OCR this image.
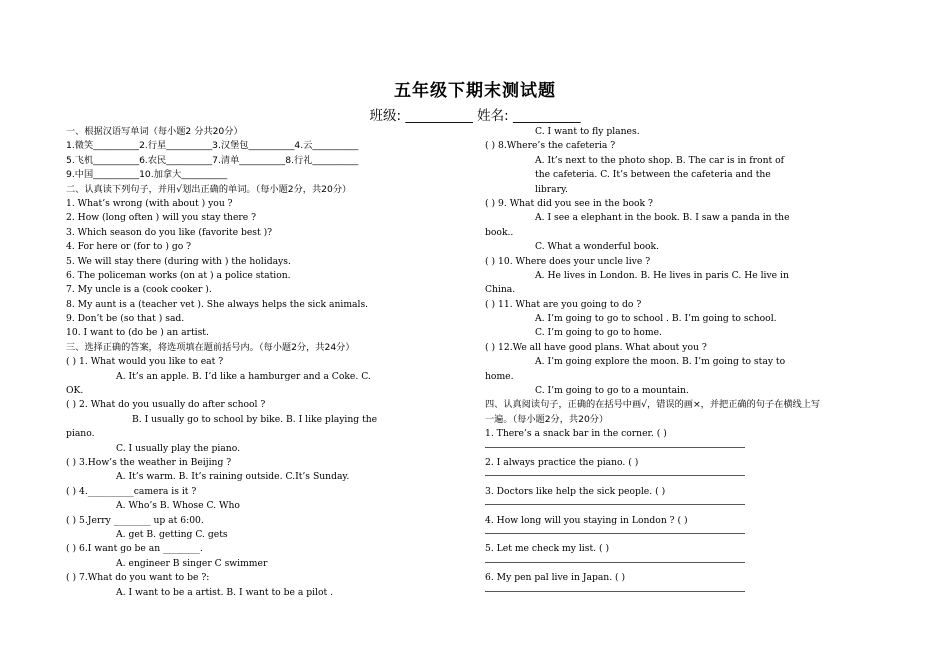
五年级下期末测试题
班级: __________ 姓名: __________
一、根据汉语写单词（每小题2 分共20分）
1.微笑__________2.行星__________3.汉堡包__________4.云__________
5.飞机__________6.农民__________7.清单__________8.行礼__________
9.中国__________10.加拿大__________
二、认真读下列句子，并用√划出正确的单词。（每小题2分，共20分）
1. What’s wrong (with about ) you ?
2. How (long often ) will you stay there ?
3. Which season do you like (favorite best )?
4. For here or (for to ) go ?
5. We will stay there (during with ) the holidays.
6. The policeman works (on at ) a police station.
7. My uncle is a (cook cooker ).
8. My aunt is a (teacher vet ). She always helps the sick animals.
9. Don’t be (so that ) sad.
10. I want to (do be ) an artist.
三、选择正确的答案，将选项填在题前括号内。（每小题2分，共24分）
( ) 1. What would you like to eat ?
A. It’s an apple. B. I’d like a hamburger and a Coke. C.
OK.
( ) 2. What do you usually do after school ?
B. I usually go to school by bike. B. I like playing the
piano.
C. I usually play the piano.
( ) 3.How’s the weather in Beijing ?
A. It’s warm. B. It’s raining outside. C.It’s Sunday.
( ) 4.__________camera is it ?
A. Who’s B. Whose C. Who
( ) 5.Jerry ________ up at 6:00.
A. get B. getting C. gets
( ) 6.I want go be an ________.
A. engineer B singer C swimmer
( ) 7.What do you want to be ?:
A. I want to be a artist. B. I want to be a pilot .
C. I want to fly planes.
( ) 8.Where’s the cafeteria ?
A. It’s next to the photo shop. B. The car is in front of
the cafeteria. C. It’s between the cafeteria and the
library.
( ) 9. What did you see in the book ?
A. I see a elephant in the book. B. I saw a panda in the
book..
C. What a wonderful book.
( ) 10. Where does your uncle live ?
A. He lives in London. B. He lives in paris C. He live in
China.
( ) 11. What are you going to do ?
A. I’m going to go to school . B. I’m going to school.
C. I’m going to go to home.
( ) 12.We all have good plans. What about you ?
A. I’m going explore the moon. B. I’m going to stay to
home.
C. I’m going to go to a mountain.
四、认真阅读句子，正确的在括号中画√，错误的画×，并把正确的句子在横线上写
一遍。（每小题2分，共20分）
1. There’s a snack bar in the corner. ( )
2. I always practice the piano. ( )
3. Doctors like help the sick people. ( )
4. How long will you staying in London ? ( )
5. Let me check my list. ( )
6. My pen pal live in Japan. ( )
